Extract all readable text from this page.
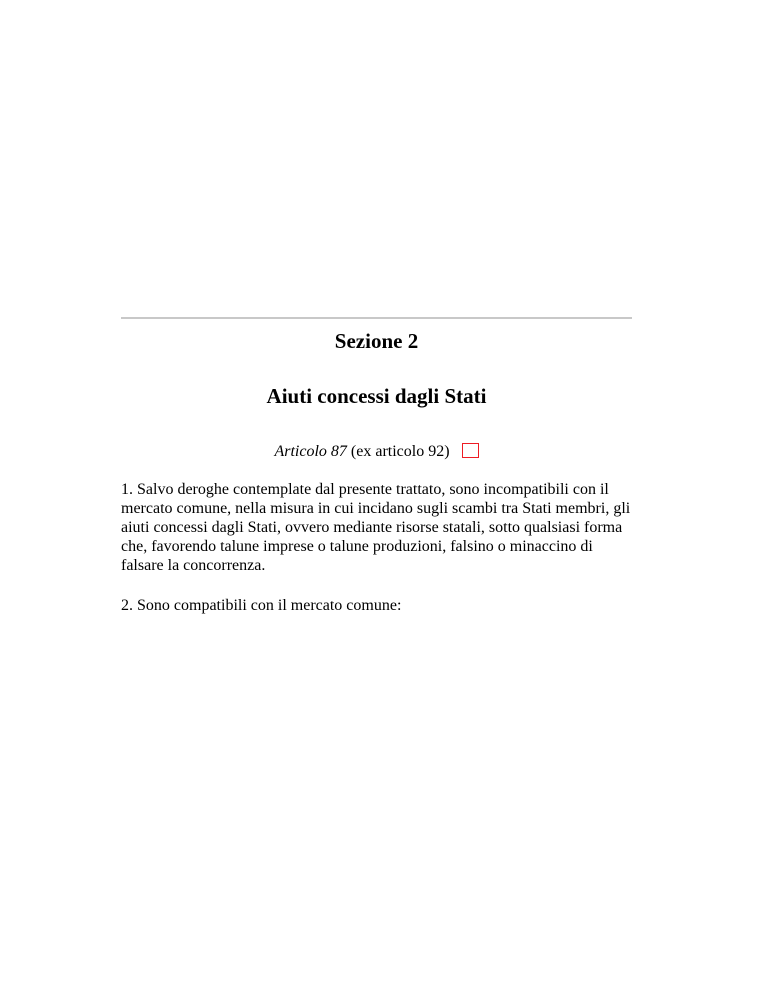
Sezione 2
Aiuti concessi dagli Stati
Articolo 87 (ex articolo 92)

1. Salvo deroghe contemplate dal presente trattato, sono incompatibili con il mercato comune, nella misura in cui incidano sugli scambi tra Stati membri, gli aiuti concessi dagli Stati, ovvero mediante risorse statali, sotto qualsiasi forma che, favorendo talune imprese o talune produzioni, falsino o minaccino di falsare la concorrenza.

2. Sono compatibili con il mercato comune:
